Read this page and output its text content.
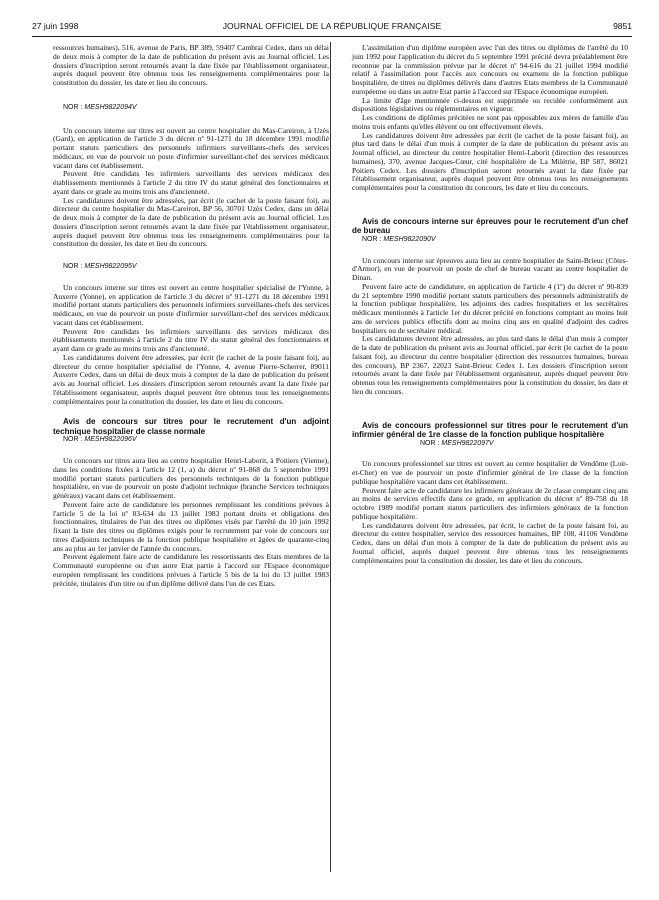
27 juin 1998	JOURNAL OFFICIEL DE LA RÉPUBLIQUE FRANÇAISE	9851

ressources humaines), 516, avenue de Paris, BP 389, 59407 Cambrai Cedex, dans un délai de deux mois à compter de la date de publication du présent avis au Journal officiel. Les dossiers d'inscription seront retournés avant la date fixée par l'établissement organisateur, auprès duquel peuvent être obtenus tous les renseignements complémentaires pour la constitution du dossier, les date et lieu du concours.

NOR : MESH9822094V

Un concours interne sur titres est ouvert au centre hospitalier du Mas-Careiron, à Uzès (Gard), en application de l'article 3 du décret nº 91-1271 du 18 décembre 1991 modifié portant statuts particuliers des personnels infirmiers surveillants-chefs des services médicaux, en vue de pourvoir un poste d'infirmier surveillant-chef des services médicaux vacant dans cet établissement.

Peuvent être candidats les infirmiers surveillants des services médicaux des établissements mentionnés à l'article 2 du titre IV du statut général des fonctionnaires et ayant dans ce grade au moins trois ans d'ancienneté.

Les candidatures doivent être adressées, par écrit (le cachet de la poste faisant foi), au directeur du centre hospitalier du Mas-Careiron, BP 56, 30701 Uzès Cedex, dans un délai de deux mois à compter de la date de publication du présent avis au Journal officiel. Les dossiers d'inscription seront retournés avant la date fixée par l'établissement organisateur, auprès duquel peuvent être obtenus tous les renseignements complémentaires pour la constitution du dossier, les date et lieu du concours.

NOR : MESH9822095V

Un concours interne sur titres est ouvert au centre hospitalier spécialisé de l'Yonne, à Auxerre (Yonne), en application de l'article 3 du décret nº 91-1271 du 18 décembre 1991 modifié portant statuts particuliers des personnels infirmiers surveillants-chefs des services médicaux, en vue de pourvoir un poste d'infirmier surveillant-chef des services médicaux vacant dans cet établissement.

Peuvent être candidats les infirmiers surveillants des services médicaux des établissements mentionnés à l'article 2 du titre IV du statut général des fonctionnaires et ayant dans ce grade au moins trois ans d'ancienneté.

Les candidatures doivent être adressées, par écrit (le cachet de la poste faisant foi), au directeur du centre hospitalier spécialisé de l'Yonne, 4, avenue Pierre-Scherrer, 89011 Auxerre Cedex, dans un délai de deux mois à compter de la date de publication du présent avis au Journal officiel. Les dossiers d'inscription seront retournés avant la date fixée par l'établissement organisateur, auprès duquel peuvent être obtenus tous les renseignements complémentaires pour la constitution du dossier, les date et lieu du concours.

Avis de concours sur titres pour le recrutement d'un adjoint technique hospitalier de classe normale

NOR : MESH9822096V

Un concours sur titres aura lieu au centre hospitalier Henri-Laborit, à Poitiers (Vienne), dans les conditions fixées à l'article 12 (1, a) du décret nº 91-868 du 5 septembre 1991 modifié portant statuts particuliers des personnels techniques de la fonction publique hospitalière, en vue de pourvoir un poste d'adjoint technique (branche Services techniques généraux) vacant dans cet établissement.

Peuvent faire acte de candidature les personnes remplissant les conditions prévues à l'article 5 de la loi nº 83-634 du 13 juillet 1983 portant droits et obligations des fonctionnaires, titulaires de l'un des titres ou diplômes visés par l'arrêté du 10 juin 1992 fixant la liste des titres ou diplômes exigés pour le recrutement par voie de concours sur titres d'adjoints techniques de la fonction publique hospitalière et âgées de quarante-cinq ans au plus au 1er janvier de l'année du concours.

Peuvent également faire acte de candidature les ressortissants des Etats membres de la Communauté européenne ou d'un autre Etat partie à l'accord sur l'Espace économique européen remplissant les conditions prévues à l'article 5 bis de la loi du 13 juillet 1983 précitée, titulaires d'un titre ou d'un diplôme délivré dans l'un de ces Etats.

L'assimilation d'un diplôme européen avec l'un des titres ou diplômes de l'arrêté du 10 juin 1992 pour l'application du décret du 5 septembre 1991 précité devra préalablement être reconnue par la commission prévue par le décret nº 94-616 du 21 juillet 1994 modifié relatif à l'assimilation pour l'accès aux concours ou examens de la fonction publique hospitalière, de titres ou diplômes délivrés dans d'autres Etats membres de la Communauté européenne ou dans un autre Etat partie à l'accord sur l'Espace économique européen.

La limite d'âge mentionnée ci-dessus est supprimée ou reculée conformément aux dispositions législatives ou réglementaires en vigueur.

Les conditions de diplômes précitées ne sont pas opposables aux mères de famille d'au moins trois enfants qu'elles élèvent ou ont effectivement élevés.

Les candidatures doivent être adressées par écrit (le cachet de la poste faisant foi), au plus tard dans le délai d'un mois à compter de la date de publication du présent avis au Journal officiel, au directeur du centre hospitalier Henri-Laborit (direction des ressources humaines), 370, avenue Jacques-Cœur, cité hospitalière de La Milétrie, BP 587, 86021 Poitiers Cedex. Les dossiers d'inscription seront retournés avant la date fixée par l'établissement organisateur, auprès duquel peuvent être obtenus tous les renseignements complémentaires pour la constitution du concours, les date et lieu du concours.

Avis de concours interne sur épreuves pour le recrutement d'un chef de bureau

NOR : MESH9822090V

Un concours interne sur épreuves aura lieu au centre hospitalier de Saint-Brieuc (Côtes-d'Armor), en vue de pourvoir un poste de chef de bureau vacant au centre hospitalier de Dinan.

Peuvent faire acte de candidature, en application de l'article 4 (1º) du décret nº 90-839 du 21 septembre 1990 modifié portant statuts particuliers des personnels administratifs de la fonction publique hospitalière, les adjoints des cadres hospitaliers et les secrétaires médicaux mentionnés à l'article 1er du décret précité en fonctions comptant au moins huit ans de services publics effectifs dont au moins cinq ans en qualité d'adjoint des cadres hospitaliers ou de secrétaire médical.

Les candidatures devront être adressées, au plus tard dans le délai d'un mois à compter de la date de publication du présent avis au Journal officiel, par écrit (le cachet de la poste faisant foi), au directeur du centre hospitalier (direction des ressources humaines, bureau des concours), BP 2367, 22023 Saint-Brieuc Cedex 1. Les dossiers d'inscription seront retournés avant la date fixée par l'établissement organisateur, auprès duquel peuvent être obtenus tous les renseignements complémentaires pour la constitution du dossier, les date et lieu du concours.

Avis de concours professionnel sur titres pour le recrutement d'un infirmier général de 1re classe de la fonction publique hospitalière

NOR : MESH9822097V

Un concours professionnel sur titres est ouvert au centre hospitalier de Vendôme (Loir-et-Cher) en vue de pourvoir un poste d'infirmier général de 1re classe de la fonction publique hospitalière vacant dans cet établissement.

Peuvent faire acte de candidature les infirmiers généraux de 2e classe comptant cinq ans au moins de services effectifs dans ce grade, en application du décret nº 89-758 du 18 octobre 1989 modifié portant statuts particuliers des infirmiers généraux de la fonction publique hospitalière.

Les candidatures doivent être adressées, par écrit, le cachet de la poste faisant foi, au directeur du centre hospitalier, service des ressources humaines, BP 108, 41106 Vendôme Cedex, dans un délai d'un mois à compter de la date de publication du présent avis au Journal officiel, auprès duquel peuvent être obtenus tous les renseignements complémentaires pour la constitution du dossier, les date et lieu du concours.
